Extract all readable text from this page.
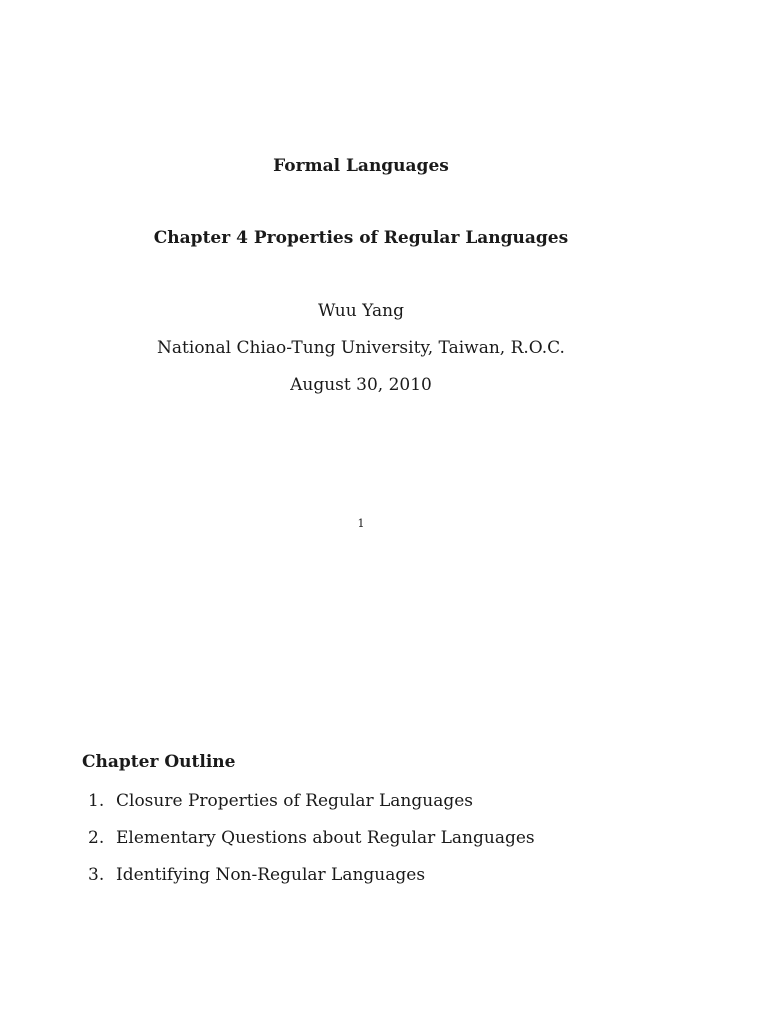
Formal Languages
Chapter 4 Properties of Regular Languages
Wuu Yang
National Chiao-Tung University, Taiwan, R.O.C.
August 30, 2010
1
Chapter Outline
1. Closure Properties of Regular Languages
2. Elementary Questions about Regular Languages
3. Identifying Non-Regular Languages
